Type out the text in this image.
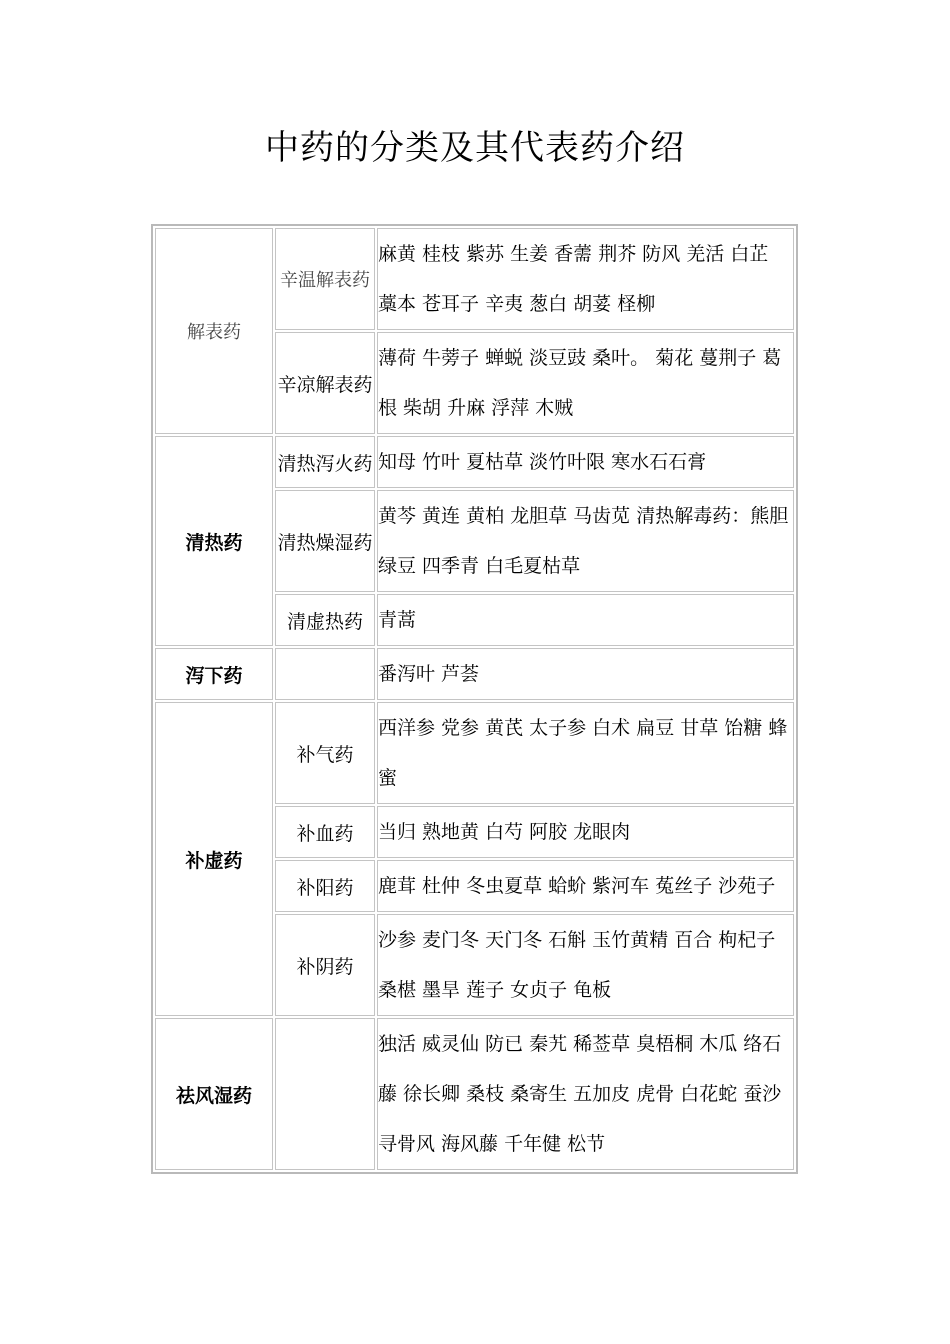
中药的分类及其代表药介绍
解表药	辛温解表药	麻黄 桂枝 紫苏 生姜 香薷 荆芥 防风 羌活 白芷 藁本 苍耳子 辛夷 葱白 胡荽 柽柳
	辛凉解表药	薄荷 牛蒡子 蝉蜕 淡豆豉 桑叶。 菊花 蔓荆子 葛根 柴胡 升麻 浮萍 木贼
清热药	清热泻火药	知母 竹叶 夏枯草 淡竹叶限 寒水石石膏
	清热燥湿药	黄芩 黄连 黄柏 龙胆草 马齿苋 清热解毒药：熊胆 绿豆 四季青 白毛夏枯草
	清虚热药	青蒿
泻下药		番泻叶 芦荟
补虚药	补气药	西洋参 党参 黄芪 太子参 白术 扁豆 甘草 饴糖 蜂蜜
	补血药	当归 熟地黄 白芍 阿胶 龙眼肉
	补阳药	鹿茸 杜仲 冬虫夏草 蛤蚧 紫河车 菟丝子 沙苑子
	补阴药	沙参 麦门冬 天门冬 石斛 玉竹黄精 百合 枸杞子 桑椹 墨旱 莲子 女贞子 龟板
祛风湿药		独活 威灵仙 防已 秦艽 稀莶草 臭梧桐 木瓜 络石藤 徐长卿 桑枝 桑寄生 五加皮 虎骨 白花蛇 蚕沙 寻骨风 海风藤 千年健 松节
